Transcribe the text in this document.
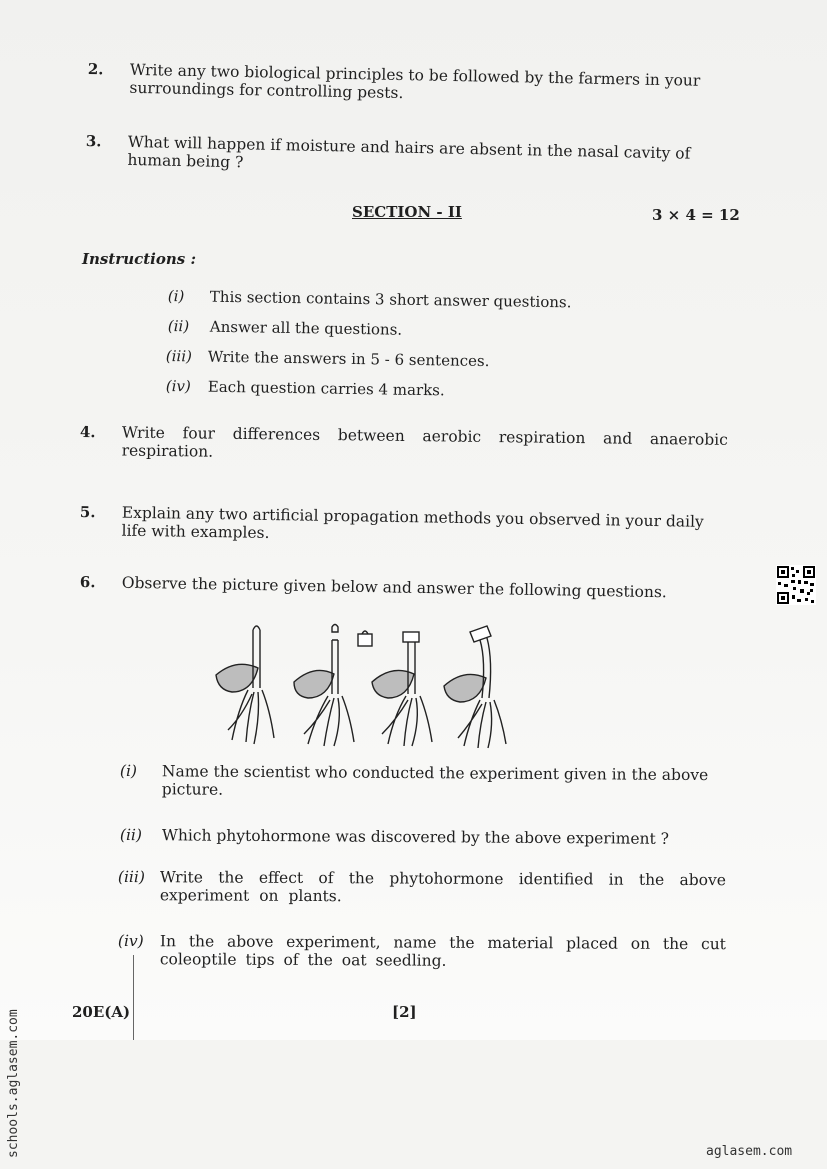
2. Write any two biological principles to be followed by the farmers in your surroundings for controlling pests.
3. What will happen if moisture and hairs are absent in the nasal cavity of human being ?
SECTION - II	3 × 4 = 12
Instructions :
(i) This section contains 3 short answer questions.
(ii) Answer all the questions.
(iii) Write the answers in 5 - 6 sentences.
(iv) Each question carries 4 marks.
4. Write four differences between aerobic respiration and anaerobic respiration.
5. Explain any two artificial propagation methods you observed in your daily life with examples.
6. Observe the picture given below and answer the following questions.
(i) Name the scientist who conducted the experiment given in the above picture.
(ii) Which phytohormone was discovered by the above experiment ?
(iii) Write the effect of the phytohormone identified in the above experiment on plants.
(iv) In the above experiment, name the material placed on the cut coleoptile tips of the oat seedling.
20E(A)	[2]
schools.aglasem.com	aglasem.com
